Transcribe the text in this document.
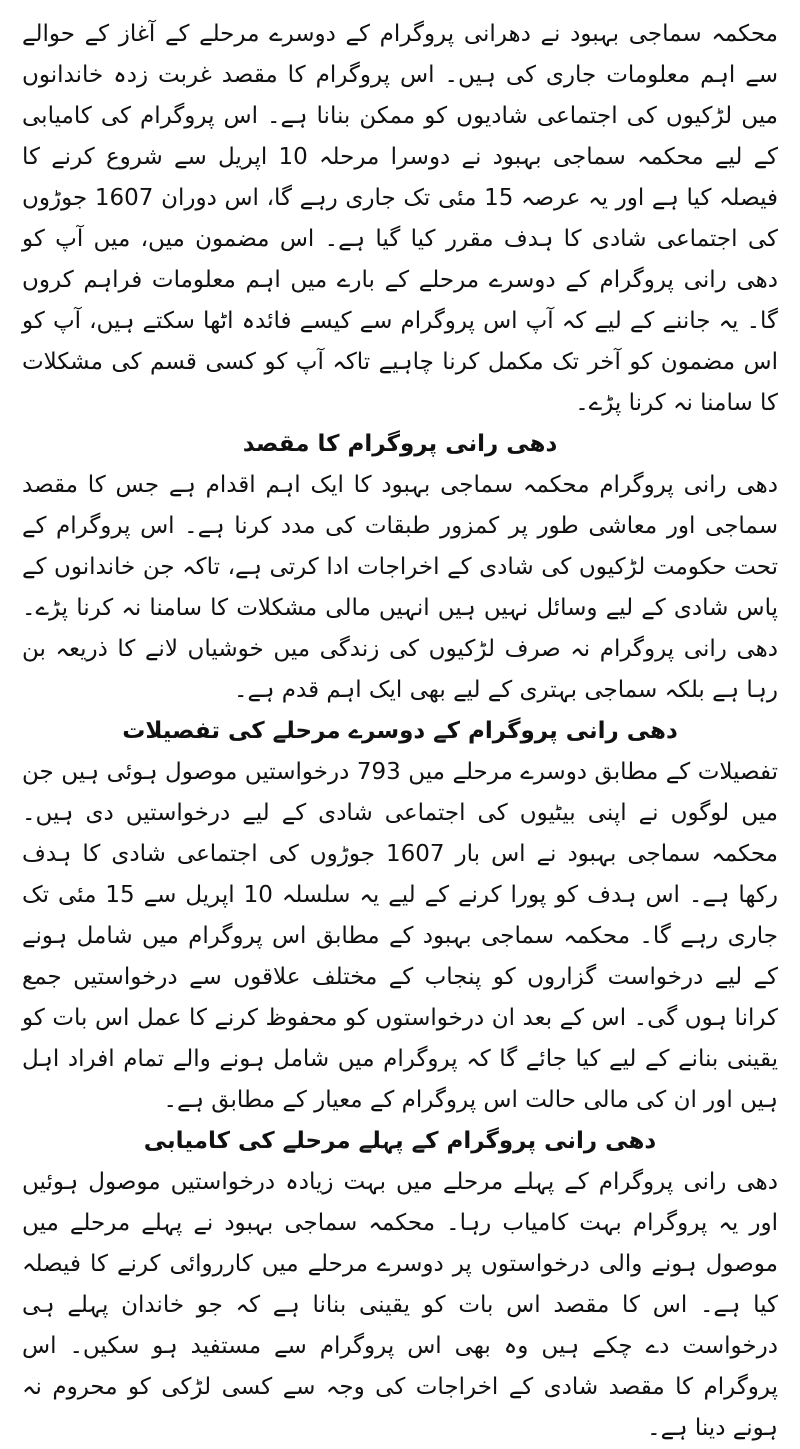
محکمہ سماجی بہبود نے دھرانی پروگرام کے دوسرے مرحلے کے آغاز کے حوالے سے اہم معلومات جاری کی ہیں۔ اس پروگرام کا مقصد غربت زدہ خاندانوں میں لڑکیوں کی اجتماعی شادیوں کو ممکن بنانا ہے۔ اس پروگرام کی کامیابی کے لیے محکمہ سماجی بہبود نے دوسرا مرحلہ 10 اپریل سے شروع کرنے کا فیصلہ کیا ہے اور یہ عرصہ 15 مئی تک جاری رہے گا، اس دوران 1607 جوڑوں کی اجتماعی شادی کا ہدف مقرر کیا گیا ہے۔ اس مضمون میں، میں آپ کو دھی رانی پروگرام کے دوسرے مرحلے کے بارے میں اہم معلومات فراہم کروں گا۔ یہ جاننے کے لیے کہ آپ اس پروگرام سے کیسے فائدہ اٹھا سکتے ہیں، آپ کو اس مضمون کو آخر تک مکمل کرنا چاہیے تاکہ آپ کو کسی قسم کی مشکلات کا سامنا نہ کرنا پڑے۔

دھی رانی پروگرام کا مقصد

دھی رانی پروگرام محکمہ سماجی بہبود کا ایک اہم اقدام ہے جس کا مقصد سماجی اور معاشی طور پر کمزور طبقات کی مدد کرنا ہے۔ اس پروگرام کے تحت حکومت لڑکیوں کی شادی کے اخراجات ادا کرتی ہے، تاکہ جن خاندانوں کے پاس شادی کے لیے وسائل نہیں ہیں انہیں مالی مشکلات کا سامنا نہ کرنا پڑے۔ دھی رانی پروگرام نہ صرف لڑکیوں کی زندگی میں خوشیاں لانے کا ذریعہ بن رہا ہے بلکہ سماجی بہتری کے لیے بھی ایک اہم قدم ہے۔

دھی رانی پروگرام کے دوسرے مرحلے کی تفصیلات

تفصیلات کے مطابق دوسرے مرحلے میں 793 درخواستیں موصول ہوئی ہیں جن میں لوگوں نے اپنی بیٹیوں کی اجتماعی شادی کے لیے درخواستیں دی ہیں۔ محکمہ سماجی بہبود نے اس بار 1607 جوڑوں کی اجتماعی شادی کا ہدف رکھا ہے۔ اس ہدف کو پورا کرنے کے لیے یہ سلسلہ 10 اپریل سے 15 مئی تک جاری رہے گا۔ محکمہ سماجی بہبود کے مطابق اس پروگرام میں شامل ہونے کے لیے درخواست گزاروں کو پنجاب کے مختلف علاقوں سے درخواستیں جمع کرانا ہوں گی۔ اس کے بعد ان درخواستوں کو محفوظ کرنے کا عمل اس بات کو یقینی بنانے کے لیے کیا جائے گا کہ پروگرام میں شامل ہونے والے تمام افراد اہل ہیں اور ان کی مالی حالت اس پروگرام کے معیار کے مطابق ہے۔

دھی رانی پروگرام کے پہلے مرحلے کی کامیابی

دھی رانی پروگرام کے پہلے مرحلے میں بہت زیادہ درخواستیں موصول ہوئیں اور یہ پروگرام بہت کامیاب رہا۔ محکمہ سماجی بہبود نے پہلے مرحلے میں موصول ہونے والی درخواستوں پر دوسرے مرحلے میں کارروائی کرنے کا فیصلہ کیا ہے۔ اس کا مقصد اس بات کو یقینی بنانا ہے کہ جو خاندان پہلے ہی درخواست دے چکے ہیں وہ بھی اس پروگرام سے مستفید ہو سکیں۔ اس پروگرام کا مقصد شادی کے اخراجات کی وجہ سے کسی لڑکی کو محروم نہ ہونے دینا ہے۔
